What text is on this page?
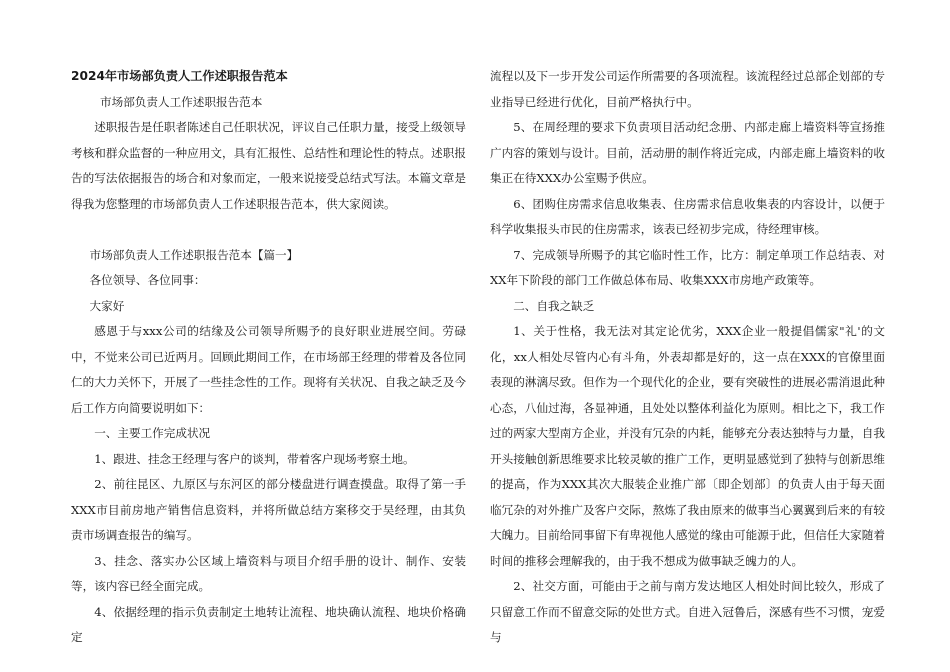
2024年市场部负责人工作述职报告范本

市场部负责人工作述职报告范本

述职报告是任职者陈述自己任职状况，评议自己任职力量，接受上级领导考核和群众监督的一种应用文，具有汇报性、总结性和理论性的特点。述职报告的写法依据报告的场合和对象而定，一般来说接受总结式写法。本篇文章是得我为您整理的市场部负责人工作述职报告范本，供大家阅读。

市场部负责人工作述职报告范本【篇一】

各位领导、各位同事：

大家好

感恩于与xxx公司的结缘及公司领导所赐予的良好职业进展空间。劳碌中，不觉来公司已近两月。回顾此期间工作，在市场部王经理的带着及各位同仁的大力关怀下，开展了一些挂念性的工作。现将有关状况、自我之缺乏及今后工作方向简要说明如下：

一、主要工作完成状况

1、跟进、挂念王经理与客户的谈判，带着客户现场考察土地。

2、前往昆区、九原区与东河区的部分楼盘进行调查摸盘。取得了第一手XXX市目前房地产销售信息资料，并将所做总结方案移交于吴经理，由其负责市场调查报告的编写。

3、挂念、落实办公区域上墙资料与项目介绍手册的设计、制作、安装等，该内容已经全面完成。

4、依据经理的指示负责制定土地转让流程、地块确认流程、地块价格确定

流程以及下一步开发公司运作所需要的各项流程。该流程经过总部企划部的专业指导已经进行优化，目前严格执行中。

5、在周经理的要求下负责项目活动纪念册、内部走廊上墙资料等宣扬推广内容的策划与设计。目前，活动册的制作将近完成，内部走廊上墙资料的收集正在待XXX办公室赐予供应。

6、团购住房需求信息收集表、住房需求信息收集表的内容设计，以便于科学收集报头市民的住房需求，该表已经初步完成，待经理审核。

7、完成领导所赐予的其它临时性工作，比方：制定单项工作总结表、对XX年下阶段的部门工作做总体布局、收集XXX市房地产政策等。

二、自我之缺乏

1、关于性格，我无法对其定论优劣，XXX企业一般提倡儒家"礼'的文化，xx人相处尽管内心有斗角，外表却都是好的，这一点在XXX的官僚里面表现的淋漓尽致。但作为一个现代化的企业，要有突破性的进展必需消退此种心态，八仙过海，各显神通，且处处以整体利益化为原则。相比之下，我工作过的两家大型南方企业，并没有冗杂的内耗，能够充分表达独特与力量，自我开头接触创新思维要求比较灵敏的推广工作，更明显感觉到了独特与创新思维的提高，作为XXX其次大服装企业推广部〔即企划部〕的负责人由于每天面临冗杂的对外推广及客户交际，熬炼了我由原来的做事当心翼翼到后来的有较大魄力。目前给同事留下有卑视他人感觉的缘由可能源于此，但信任大家随着时间的推移会理解我的，由于我不想成为做事缺乏魄力的人。

2、社交方面，可能由于之前与南方发达地区人相处时间比较久，形成了只留意工作而不留意交际的处世方式。自进入冠鲁后，深感有些不习惯，宠爱与
